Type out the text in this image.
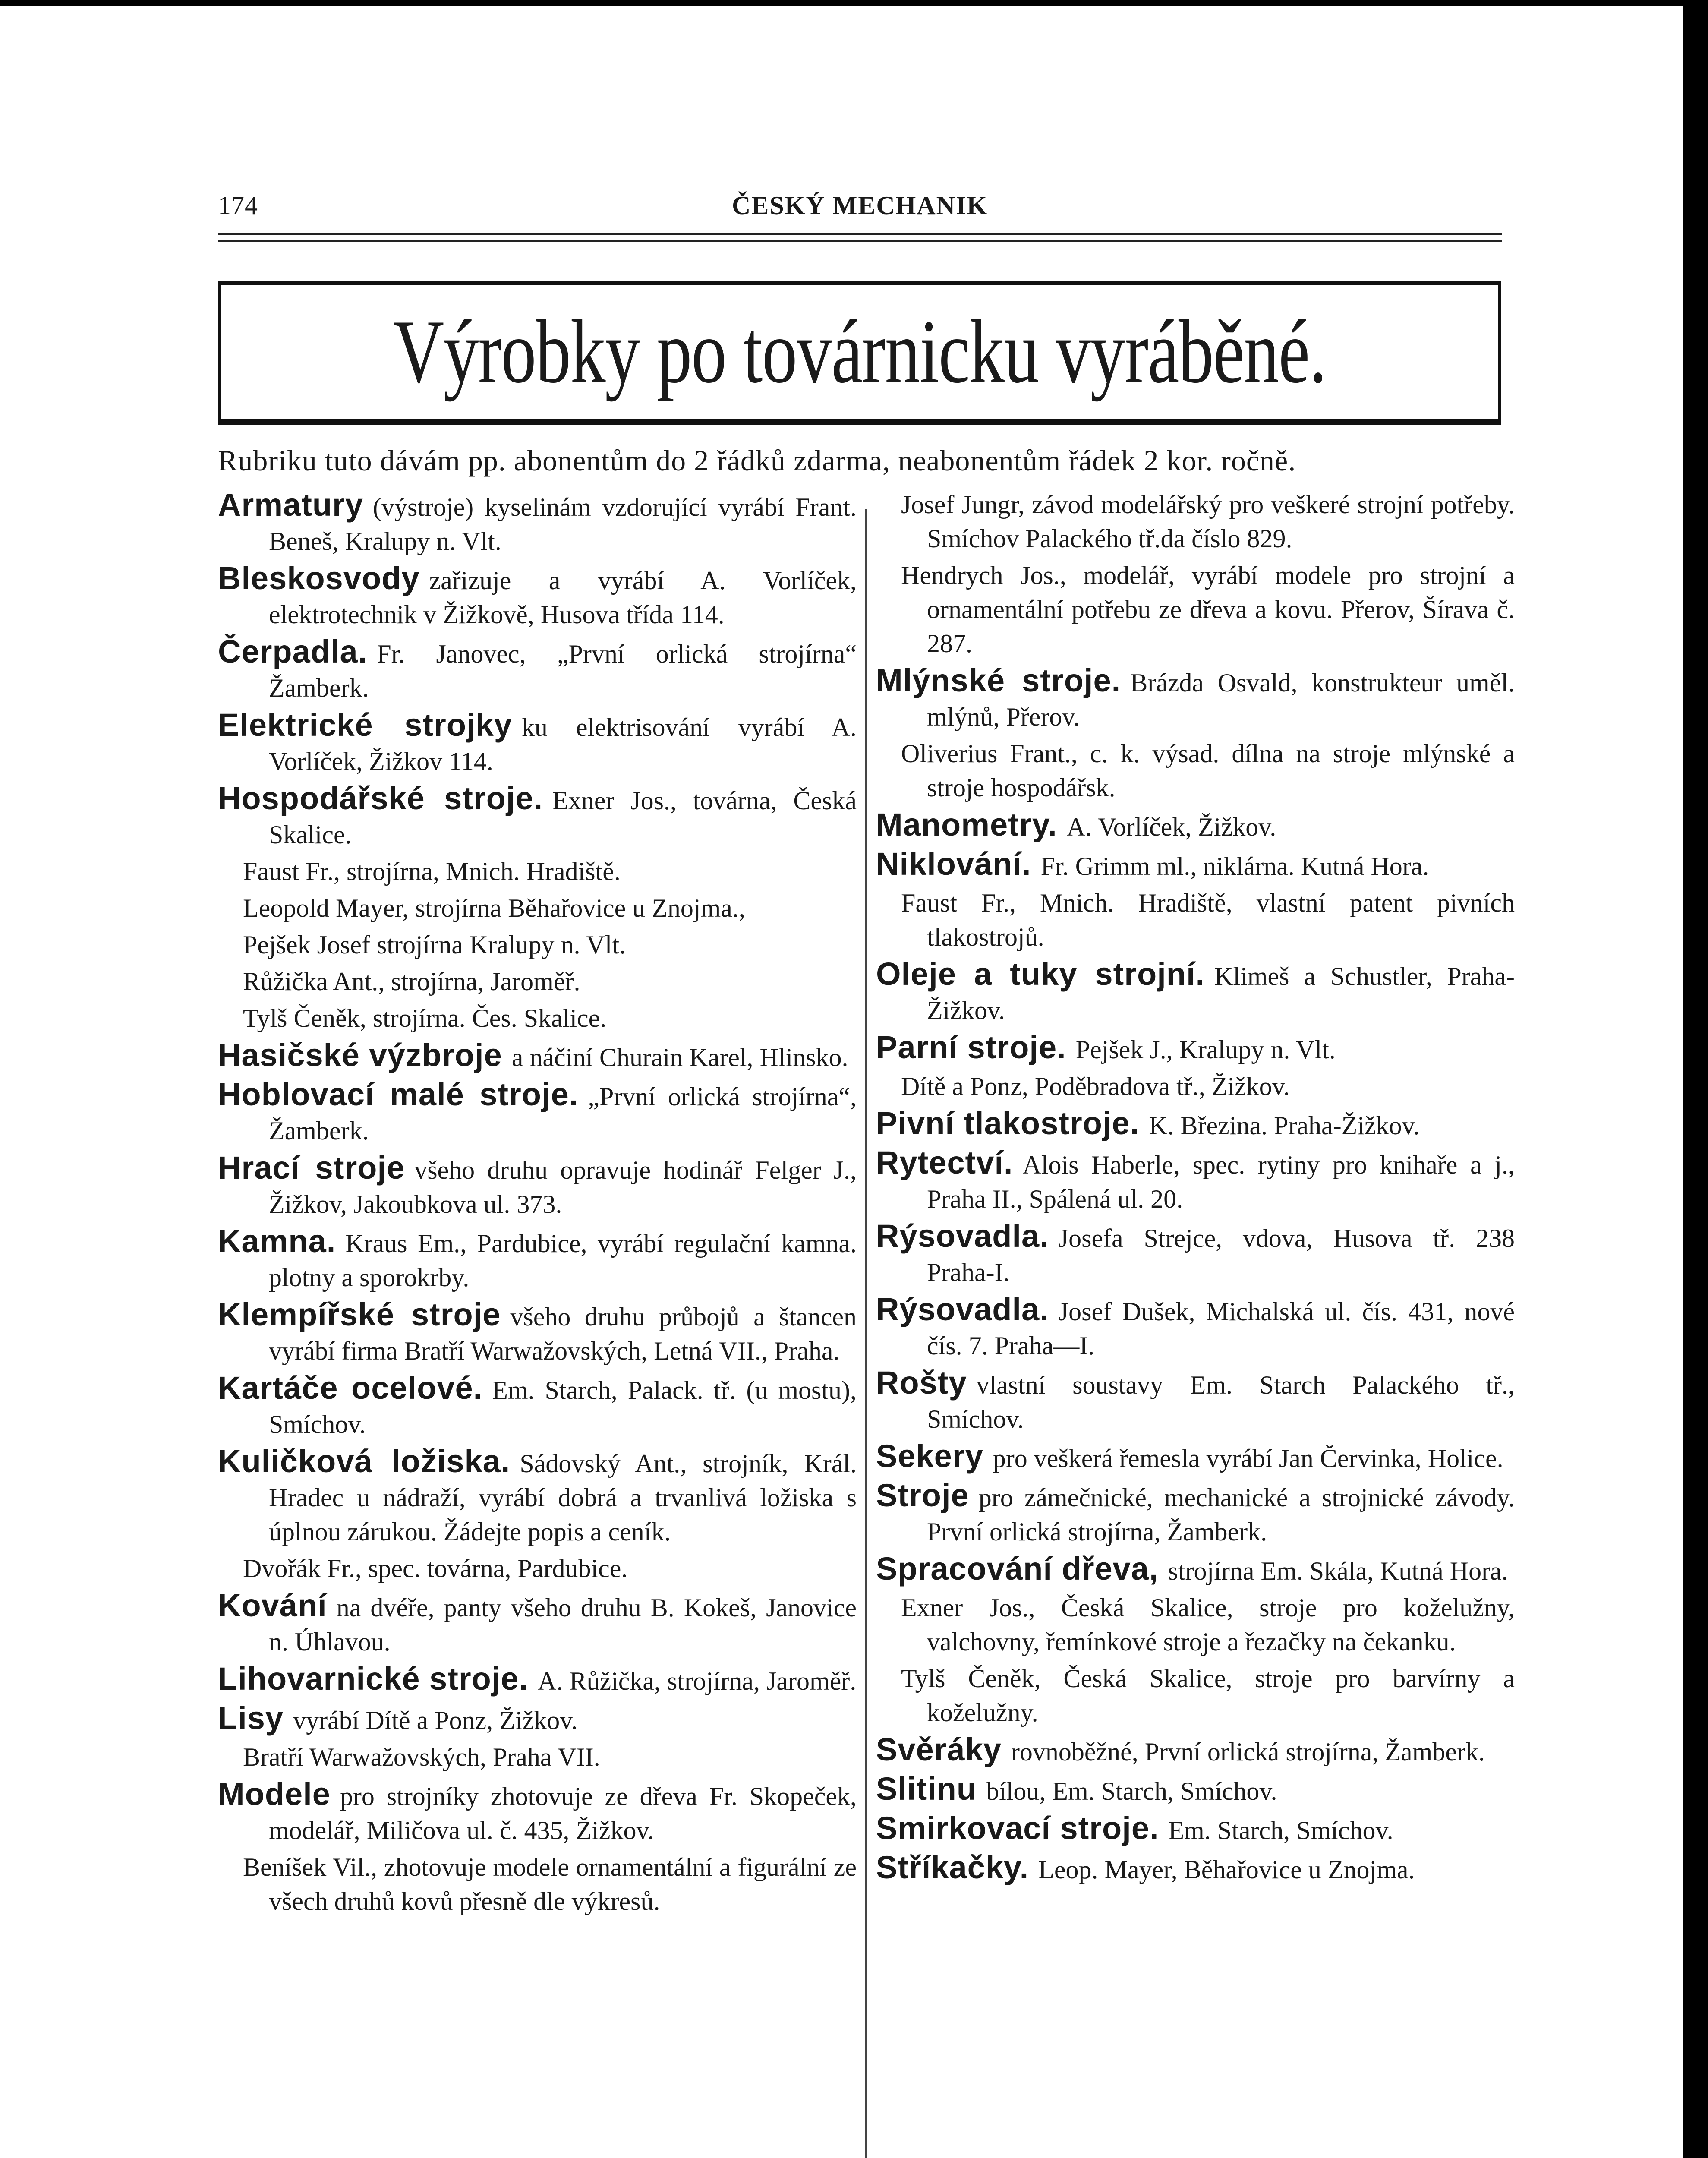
174	ČESKÝ MECHANIK
Výrobky po továrnicku vyráběné.
Rubriku tuto dávám pp. abonentům do 2 řádků zdarma, neabonentům řádek 2 kor. ročně.

Armatury (výstroje) kyselinám vzdorující vyrábí Frant. Beneš, Kralupy n. Vlt.

Bleskosvody zařizuje a vyrábí A. Vorlíček, elektrotechnik v Žižkově, Husova třída 114.

Čerpadla. Fr. Janovec, „První orlická strojírna“ Žamberk.

Elektrické strojky ku elektrisování vyrábí A. Vorlíček, Žižkov 114.

Hospodářské stroje. Exner Jos., továrna, Česká Skalice.

Faust Fr., strojírna, Mnich. Hradiště.

Leopold Mayer, strojírna Běhařovice u Znojma.,

Pejšek Josef strojírna Kralupy n. Vlt.

Růžička Ant., strojírna, Jaroměř.

Tylš Čeněk, strojírna. Čes. Skalice.

Hasičské výzbroje a náčiní Churain Karel, Hlinsko.

Hoblovací malé stroje. „První orlická strojírna“, Žamberk.

Hrací stroje všeho druhu opravuje hodinář Felger J., Žižkov, Jakoubkova ul. 373.

Kamna. Kraus Em., Pardubice, vyrábí regulační kamna. plotny a sporokrby.

Klempířské stroje všeho druhu průbojů a štancen vyrábí firma Bratří Warwažovských, Letná VII., Praha.

Kartáče ocelové. Em. Starch, Palack. tř. (u mostu), Smíchov.

Kuličková ložiska. Sádovský Ant., strojník, Král. Hradec u nádraží, vyrábí dobrá a trvanlivá ložiska s úplnou zárukou. Žádejte popis a ceník.

Dvořák Fr., spec. továrna, Pardubice.

Kování na dvéře, panty všeho druhu B. Kokeš, Janovice n. Úhlavou.

Lihovarnické stroje. A. Růžička, strojírna, Jaroměř.

Lisy vyrábí Dítě a Ponz, Žižkov.

Bratří Warwažovských, Praha VII.

Modele pro strojníky zhotovuje ze dřeva Fr. Skopeček, modelář, Miličova ul. č. 435, Žižkov.

Beníšek Vil., zhotovuje modele ornamentální a figurální ze všech druhů kovů přesně dle výkresů.

Josef Jungr, závod modelářský pro veškeré strojní potřeby. Smíchov Palackého tř.da číslo 829.

Hendrych Jos., modelář, vyrábí modele pro strojní a ornamentální potřebu ze dřeva a kovu. Přerov, Šírava č. 287.

Mlýnské stroje. Brázda Osvald, konstrukteur uměl. mlýnů, Přerov.

Oliverius Frant., c. k. výsad. dílna na stroje mlýnské a stroje hospodářsk.

Manometry. A. Vorlíček, Žižkov.

Niklování. Fr. Grimm ml., niklárna. Kutná Hora.

Faust Fr., Mnich. Hradiště, vlastní patent pivních tlakostrojů.

Oleje a tuky strojní. Klimeš a Schustler, Praha-Žižkov.

Parní stroje. Pejšek J., Kralupy n. Vlt.

Dítě a Ponz, Poděbradova tř., Žižkov.

Pivní tlakostroje. K. Březina. Praha-Žižkov.

Rytectví. Alois Haberle, spec. rytiny pro knihaře a j., Praha II., Spálená ul. 20.

Rýsovadla. Josefa Strejce, vdova, Husova tř. 238 Praha-I.

Rýsovadla. Josef Dušek, Michalská ul. čís. 431, nové čís. 7. Praha—I.

Rošty vlastní soustavy Em. Starch Palackého tř., Smíchov.

Sekery pro veškerá řemesla vyrábí Jan Červinka, Holice.

Stroje pro zámečnické, mechanické a strojnické závody. První orlická strojírna, Žamberk.

Spracování dřeva, strojírna Em. Skála, Kutná Hora.

Exner Jos., Česká Skalice, stroje pro koželužny, valchovny, řemínkové stroje a řezačky na čekanku.

Tylš Čeněk, Česká Skalice, stroje pro barvírny a koželužny.

Svěráky rovnoběžné, První orlická strojírna, Žamberk.

Slitinu bílou, Em. Starch, Smíchov.

Smirkovací stroje. Em. Starch, Smíchov.

Stříkačky. Leop. Mayer, Běhařovice u Znojma.
